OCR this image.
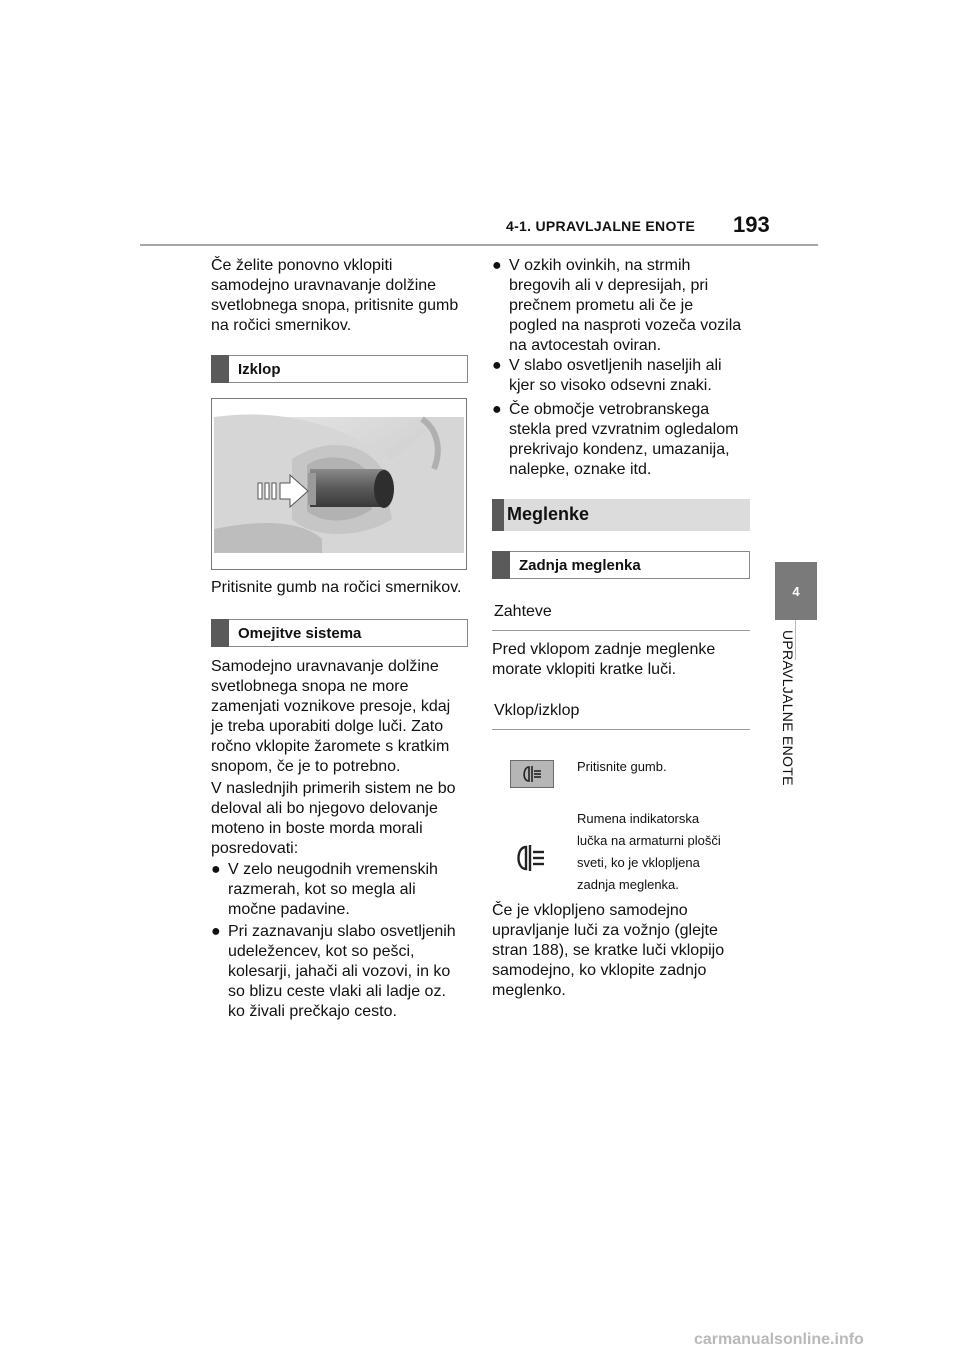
4-1. UPRAVLJALNE ENOTE 193
4
UPRAVLJALNE ENOTE

Če želite ponovno vklopiti

samodejno uravnavanje dolžine

svetlobnega snopa, pritisnite gumb

na ročici smernikov.

Izklop
Pritisnite gumb na ročici smernikov.
Omejitve sistema

Samodejno uravnavanje dolžine

svetlobnega snopa ne more

zamenjati voznikove presoje, kdaj

je treba uporabiti dolge luči. Zato

ročno vklopite žaromete s kratkim

snopom, če je to potrebno.

V naslednjih primerih sistem ne bo

deloval ali bo njegovo delovanje

moteno in boste morda morali

posredovati:

● V zelo neugodnih vremenskih
razmerah, kot so megla ali
močne padavine.
● Pri zaznavanju slabo osvetljenih
udeležencev, kot so pešci,
kolesarji, jahači ali vozovi, in ko
so blizu ceste vlaki ali ladje oz.
ko živali prečkajo cesto.
● V ozkih ovinkih, na strmih
bregovih ali v depresijah, pri
prečnem prometu ali če je
pogled na nasproti vozeča vozila
na avtocestah oviran.
● V slabo osvetljenih naseljih ali
kjer so visoko odsevni znaki.
● Če območje vetrobranskega
stekla pred vzvratnim ogledalom
prekrivajo kondenz, umazanija,
nalepke, oznake itd.
Meglenke
Zadnja meglenka
Zahteve

Pred vklopom zadnje meglenke

morate vklopiti kratke luči.

Vklop/izklop
Pritisnite gumb.
Rumena indikatorska
lučka na armaturni plošči
sveti, ko je vklopljena
zadnja meglenka.

Če je vklopljeno samodejno

upravljanje luči za vožnjo (glejte

stran 188), se kratke luči vklopijo

samodejno, ko vklopite zadnjo

meglenko.

carmanualsonline.info
